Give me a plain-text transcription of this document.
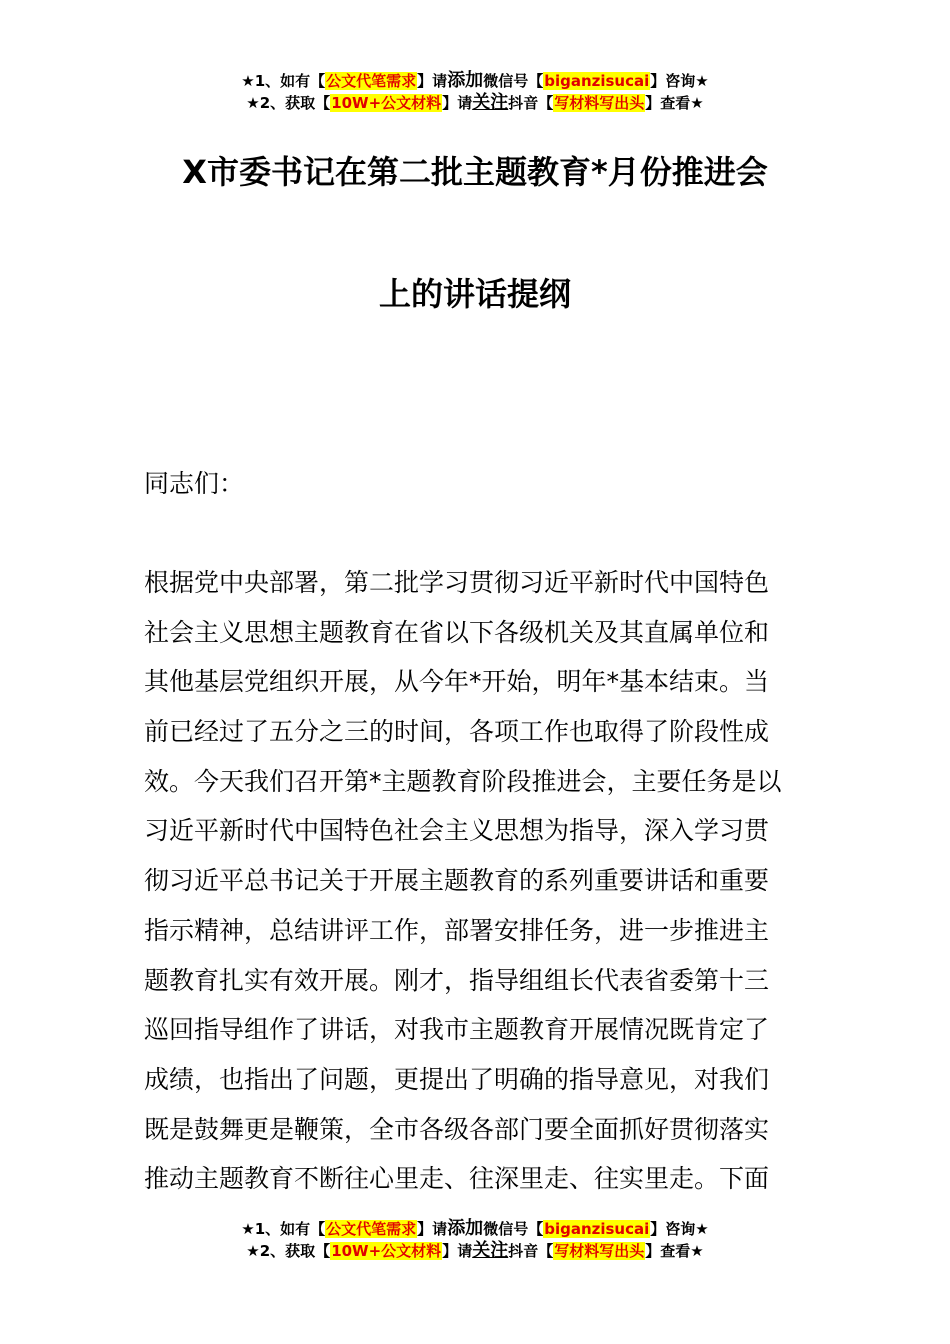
★1、如有【公文代笔需求】请添加微信号【biganzisucai】咨询★
★2、获取【10W+公文材料】请关注抖音【写材料写出头】查看★
X市委书记在第二批主题教育*月份推进会
上的讲话提纲
同志们：
根据党中央部署，第二批学习贯彻习近平新时代中国特色
社会主义思想主题教育在省以下各级机关及其直属单位和
其他基层党组织开展，从今年*开始，明年*基本结束。当
前已经过了五分之三的时间，各项工作也取得了阶段性成
效。今天我们召开第*主题教育阶段推进会，主要任务是以
习近平新时代中国特色社会主义思想为指导，深入学习贯
彻习近平总书记关于开展主题教育的系列重要讲话和重要
指示精神，总结讲评工作，部署安排任务，进一步推进主
题教育扎实有效开展。刚才，指导组组长代表省委第十三
巡回指导组作了讲话，对我市主题教育开展情况既肯定了
成绩，也指出了问题，更提出了明确的指导意见，对我们
既是鼓舞更是鞭策，全市各级各部门要全面抓好贯彻落实
推动主题教育不断往心里走、往深里走、往实里走。下面
★1、如有【公文代笔需求】请添加微信号【biganzisucai】咨询★
★2、获取【10W+公文材料】请关注抖音【写材料写出头】查看★
